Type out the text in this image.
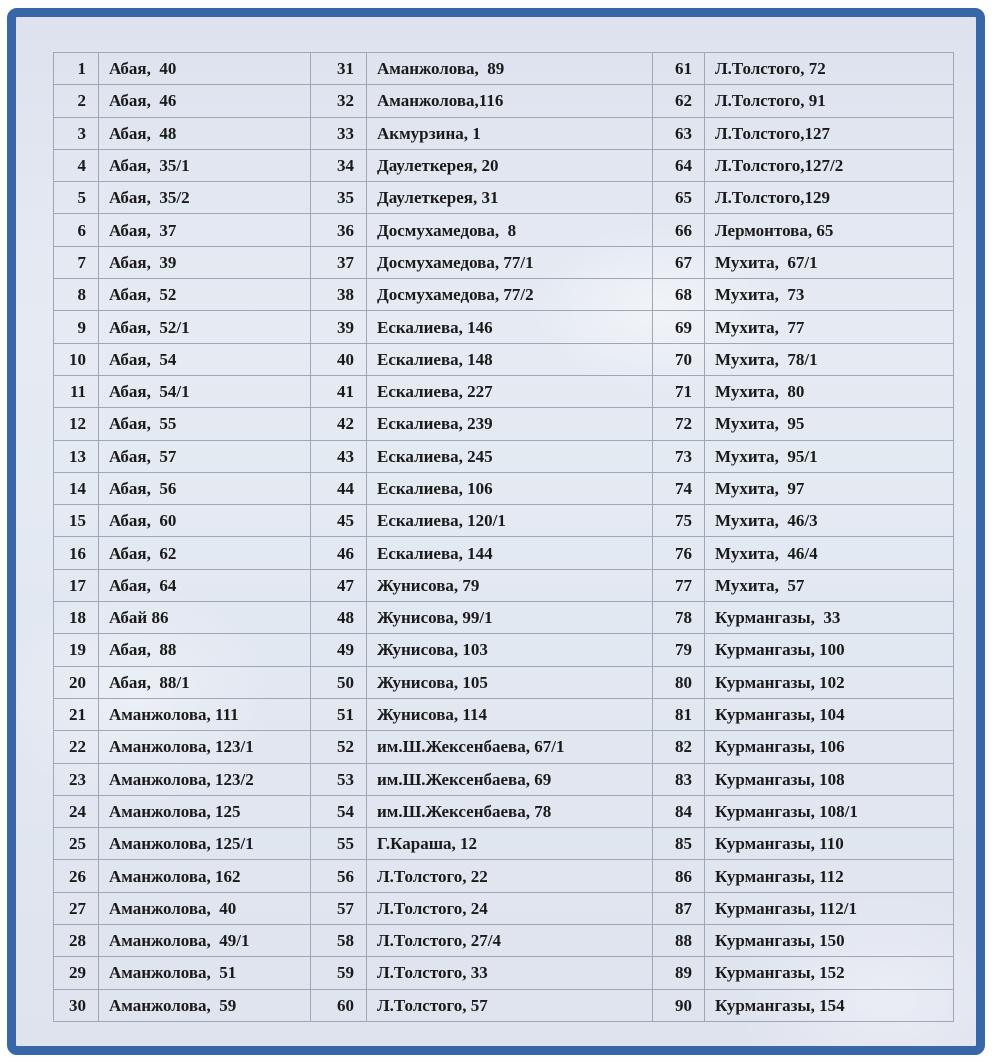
1	Абая,  40	31	Аманжолова,  89	61	Л.Толстого, 72
2	Абая,  46	32	Аманжолова,116	62	Л.Толстого, 91
3	Абая,  48	33	Акмурзина, 1	63	Л.Толстого,127
4	Абая,  35/1	34	Даулеткерея, 20	64	Л.Толстого,127/2
5	Абая,  35/2	35	Даулеткерея, 31	65	Л.Толстого,129
6	Абая,  37	36	Досмухамедова,  8	66	Лермонтова, 65
7	Абая,  39	37	Досмухамедова, 77/1	67	Мухита,  67/1
8	Абая,  52	38	Досмухамедова, 77/2	68	Мухита,  73
9	Абая,  52/1	39	Ескалиева, 146	69	Мухита,  77
10	Абая,  54	40	Ескалиева, 148	70	Мухита,  78/1
11	Абая,  54/1	41	Ескалиева, 227	71	Мухита,  80
12	Абая,  55	42	Ескалиева, 239	72	Мухита,  95
13	Абая,  57	43	Ескалиева, 245	73	Мухита,  95/1
14	Абая,  56	44	Ескалиева, 106	74	Мухита,  97
15	Абая,  60	45	Ескалиева, 120/1	75	Мухита,  46/3
16	Абая,  62	46	Ескалиева, 144	76	Мухита,  46/4
17	Абая,  64	47	Жунисова, 79	77	Мухита,  57
18	Абай 86	48	Жунисова, 99/1	78	Курмангазы,  33
19	Абая,  88	49	Жунисова, 103	79	Курмангазы, 100
20	Абая,  88/1	50	Жунисова, 105	80	Курмангазы, 102
21	Аманжолова, 111	51	Жунисова, 114	81	Курмангазы, 104
22	Аманжолова, 123/1	52	им.Ш.Жексенбаева, 67/1	82	Курмангазы, 106
23	Аманжолова, 123/2	53	им.Ш.Жексенбаева, 69	83	Курмангазы, 108
24	Аманжолова, 125	54	им.Ш.Жексенбаева, 78	84	Курмангазы, 108/1
25	Аманжолова, 125/1	55	Г.Караша, 12	85	Курмангазы, 110
26	Аманжолова, 162	56	Л.Толстого, 22	86	Курмангазы, 112
27	Аманжолова,  40	57	Л.Толстого, 24	87	Курмангазы, 112/1
28	Аманжолова,  49/1	58	Л.Толстого, 27/4	88	Курмангазы, 150
29	Аманжолова,  51	59	Л.Толстого, 33	89	Курмангазы, 152
30	Аманжолова,  59	60	Л.Толстого, 57	90	Курмангазы, 154
